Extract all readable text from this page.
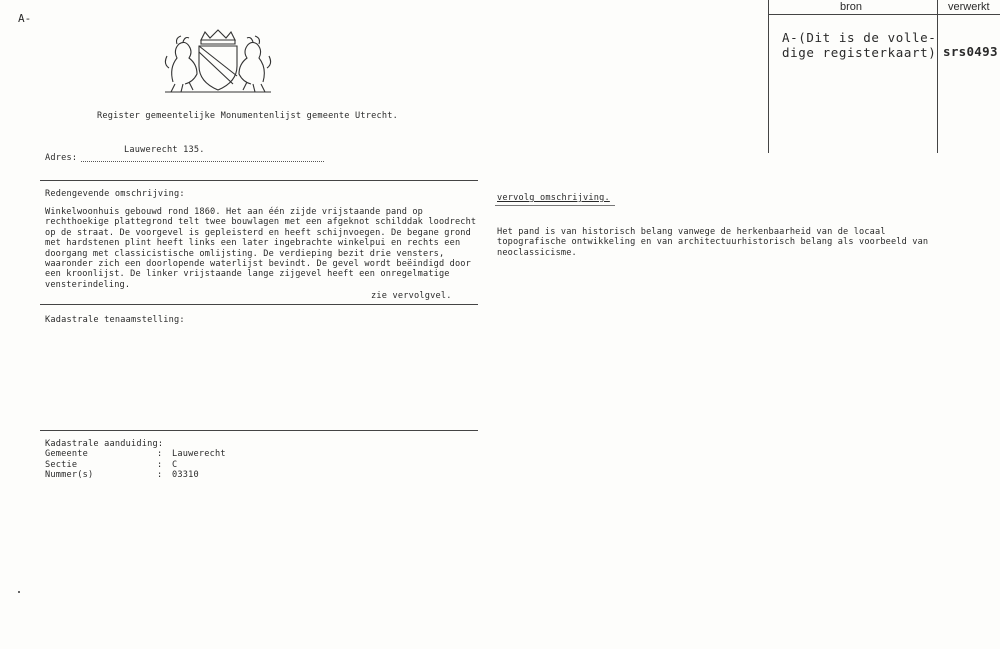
A-
bron	verwerkt
A-(Dit is de volle-
dige registerkaart) srs0493
Register gemeentelijke Monumentenlijst gemeente Utrecht.
Adres:
Lauwerecht 135.
Redengevende omschrijving:
Winkelwoonhuis gebouwd rond 1860. Het aan één zijde vrijstaande pand op
rechthoekige plattegrond telt twee bouwlagen met een afgeknot schilddak loodrecht
op de straat. De voorgevel is gepleisterd en heeft schijnvoegen. De begane grond
met hardstenen plint heeft links een later ingebrachte winkelpui en rechts een
doorgang met classicistische omlijsting. De verdieping bezit drie vensters,
waaronder zich een doorlopende waterlijst bevindt. De gevel wordt beëindigd door
een kroonlijst. De linker vrijstaande lange zijgevel heeft een onregelmatige
vensterindeling.
zie vervolgvel.
Kadastrale tenaamstelling:
Kadastrale aanduiding:
Gemeente	:	Lauwerecht
Sectie	:	C
Nummer(s)	:	03310
vervolg omschrijving.
Het pand is van historisch belang vanwege de herkenbaarheid van de locaal
topografische ontwikkeling en van architectuurhistorisch belang als voorbeeld van
neoclassicisme.
